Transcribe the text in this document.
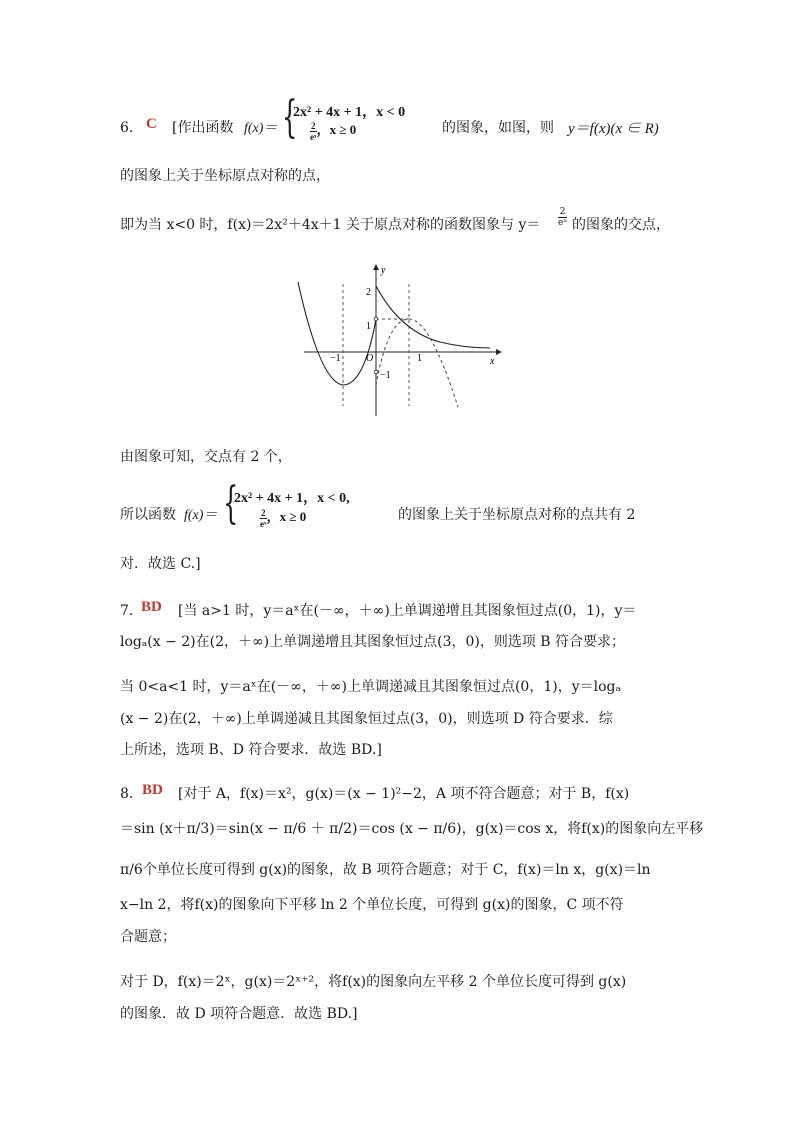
6． C [作出函数 f(x)＝ {
2x² + 4x + 1，x < 0
$\frac{2}{\text{eˣ}}$ ，x ≥ 0	的图象，如图，则 y＝f(x)(x ∈ R)
的图象上关于坐标原点对称的点，
即为当 x<0 时，f(x)＝2x²＋4x＋1 关于原点对称的函数图象与 $y= \frac{2}{\text{eˣ}}$ 的图象的交点，
y
x
2
1
−1	O	1
−1
由图象可知，交点有 2 个，
所以函数 f(x)＝ {
2x² + 4x + 1，x < 0,
$\frac{2}{\text{eˣ}}$ ，x ≥ 0	的图象上关于坐标原点对称的点共有 2
对．故选 C.]
7．
BD [当 a>1 时，y＝aˣ在(－∞，＋∞)上单调递增且其图象恒过点(0，1)，y＝
logₐ(x − 2)在(2，＋∞)上单调递增且其图象恒过点(3，0)，则选项 B 符合要求；
当 0<a<1 时，y＝aˣ在(－∞，＋∞)上单调递减且其图象恒过点(0，1)，y＝logₐ
(x − 2)在(2，＋∞)上单调递减且其图象恒过点(3，0)，则选项 D 符合要求．综
上所述，选项 B、D 符合要求．故选 BD.]
8． BD [对于 A，f(x)＝x²，g(x)＝(x − 1)²−2，A 项不符合题意；对于 B，f(x)
＝sin (x＋π/3)＝sin(x − π/6 ＋ π/2)＝cos (x − π/6)，g(x)＝cos x，将f(x)的图象向左平移
π/6个单位长度可得到 g(x)的图象，故 B 项符合题意；对于 C，f(x)＝ln x，g(x)＝ln
x−ln 2，将f(x)的图象向下平移 ln 2 个单位长度，可得到 g(x)的图象，C 项不符
合题意；
对于 D，f(x)＝2ˣ，g(x)＝2ˣ⁺²，将f(x)的图象向左平移 2 个单位长度可得到 g(x)
的图象．故 D 项符合题意．故选 BD.]
